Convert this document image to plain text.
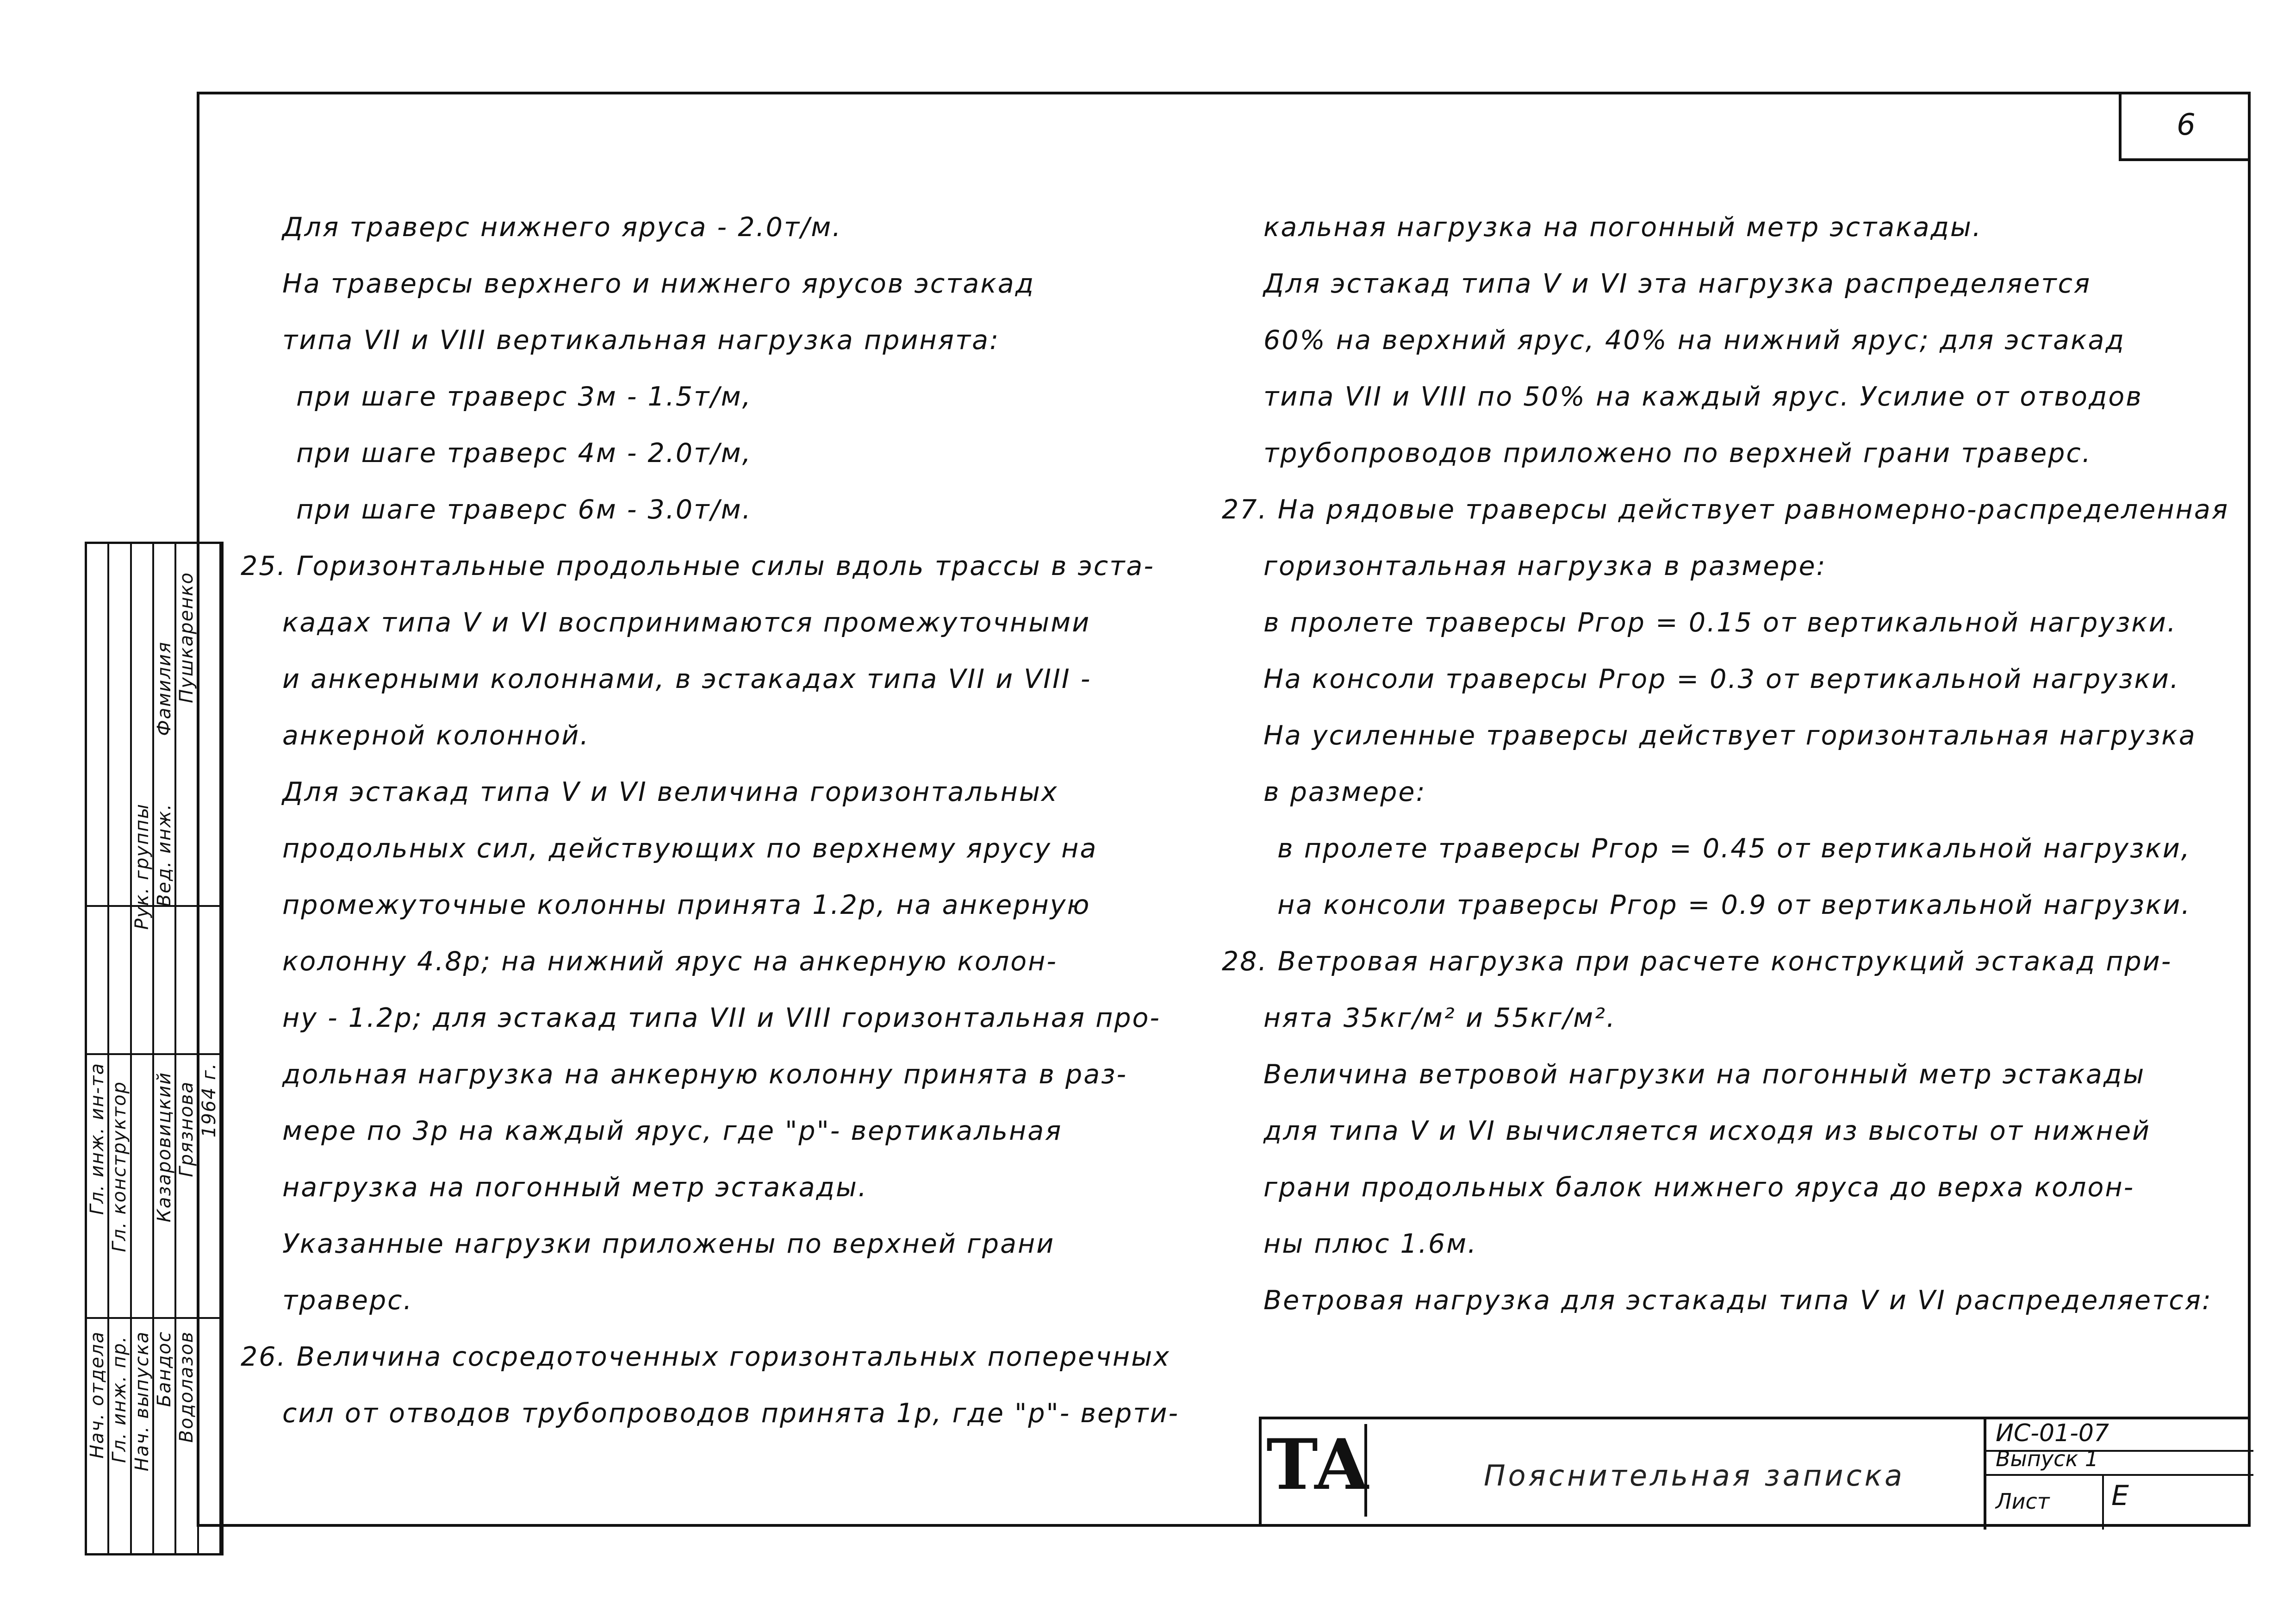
6
Для траверс нижнего яруса - 2.0т/м.
На траверсы верхнего и нижнего ярусов эстакад
типа VII и VIII вертикальная нагрузка принята:
при шаге траверс 3м - 1.5т/м,
при шаге траверс 4м - 2.0т/м,
при шаге траверс 6м - 3.0т/м.
25. Горизонтальные продольные силы вдоль трассы в эста-
кадах типа V и VI воспринимаются промежуточными
и анкерными колоннами, в эстакадах типа VII и VIII -
анкерной колонной.
Для эстакад типа V и VI величина горизонтальных
продольных сил, действующих по верхнему ярусу на
промежуточные колонны принята 1.2р, на анкерную
колонну 4.8р; на нижний ярус на анкерную колон-
ну - 1.2р; для эстакад типа VII и VIII горизонтальная про-
дольная нагрузка на анкерную колонну принята в раз-
мере по 3р на каждый ярус, где "р"- вертикальная
нагрузка на погонный метр эстакады.
Указанные нагрузки приложены по верхней грани
траверс.
26. Величина сосредоточенных горизонтальных поперечных
сил от отводов трубопроводов принята 1р, где "р"- верти-
кальная нагрузка на погонный метр эстакады.
Для эстакад типа V и VI эта нагрузка распределяется
60% на верхний ярус, 40% на нижний ярус; для эстакад
типа VII и VIII по 50% на каждый ярус. Усилие от отводов
трубопроводов приложено по верхней грани траверс.
27. На рядовые траверсы действует равномерно-распределенная
горизонтальная нагрузка в размере:
в пролете траверсы Pгор = 0.15 от вертикальной нагрузки.
На консоли траверсы Pгор = 0.3 от вертикальной нагрузки.
На усиленные траверсы действует горизонтальная нагрузка
в размере:
в пролете траверсы Pгор = 0.45 от вертикальной нагрузки,
на консоли траверсы Pгор = 0.9 от вертикальной нагрузки.
28. Ветровая нагрузка при расчете конструкций эстакад при-
нята 35кг/м² и 55кг/м².
Величина ветровой нагрузки на погонный метр эстакады
для типа V и VI вычисляется исходя из высоты от нижней
грани продольных балок нижнего яруса до верха колон-
ны плюс 1.6м.
Ветровая нагрузка для эстакады типа V и VI распределяется:
Гл. инж. ин-та
Нач. отдела
Гл. конструктор
Гл. инж. пр.
Рук. группы
Нач. выпуска
Фамилия
Вед. инж.
Казаровицкий
Бандос
Пушкаренко
Грязнова
Водолазов
1964 г.
ТА	Пояснительная записка
ИС-01-07
Выпуск 1
Лист Е
